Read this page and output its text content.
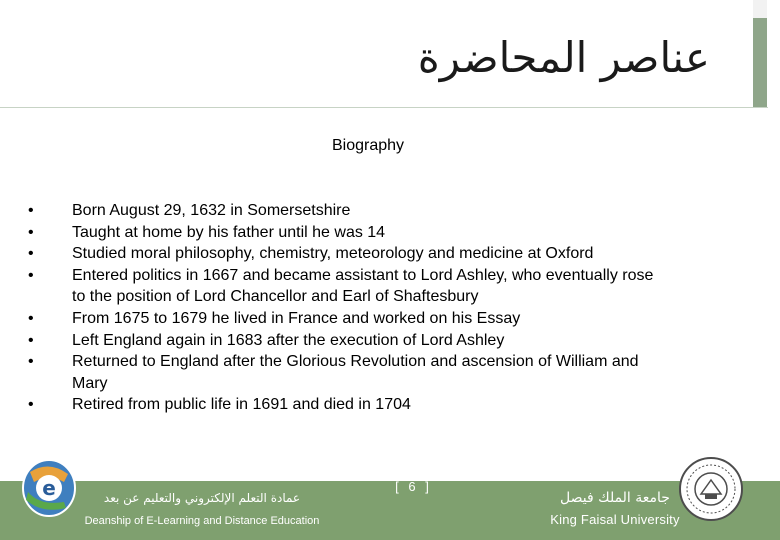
عناصر المحاضرة
Biography
• Born August 29, 1632 in Somersetshire
• Taught at home by his father until he was 14
• Studied moral philosophy, chemistry, meteorology and medicine at Oxford
• Entered politics in 1667 and became assistant to Lord Ashley, who eventually rose to the position of Lord Chancellor and Earl of Shaftesbury
• From 1675 to 1679 he lived in France and worked on his Essay
• Left England again in 1683 after the execution of Lord Ashley
• Returned to England after the Glorious Revolution and ascension of William and Mary
• Retired from public life in 1691 and died in 1704
عمادة التعلم الإلكتروني والتعليم عن بعد
Deanship of E-Learning and Distance Education
[ 6 ]
جامعة الملك فيصل
King Faisal University
e
